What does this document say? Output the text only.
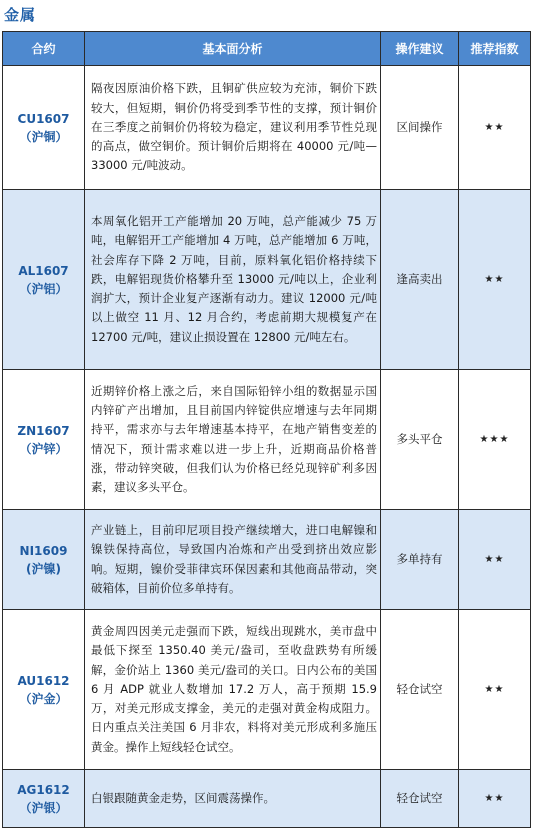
金属
合约	基本面分析	操作建议	推荐指数

CU1607
（沪铜）	隔夜因原油价格下跌，且铜矿供应较为充沛，铜价下跌较大，但短期，铜价仍将受到季节性的支撑，预计铜价在三季度之前铜价仍将较为稳定，建议利用季节性兑现的高点，做空铜价。预计铜价后期将在 40000 元/吨—33000 元/吨波动。	区间操作	★★

AL1607
（沪铝）	本周氧化铝开工产能增加 20 万吨，总产能减少 75 万吨，电解铝开工产能增加 4 万吨，总产能增加 6 万吨，社会库存下降 2 万吨，目前，原料氧化铝价格持续下跌，电解铝现货价格攀升至 13000 元/吨以上，企业利润扩大，预计企业复产逐渐有动力。建议 12000 元/吨以上做空 11 月、12 月合约，考虑前期大规模复产在 12700 元/吨，建议止损设置在 12800 元/吨左右。	逢高卖出	★★

ZN1607
（沪锌）	近期锌价格上涨之后，来自国际铅锌小组的数据显示国内锌矿产出增加，且目前国内锌锭供应增速与去年同期持平，需求亦与去年增速基本持平，在地产销售变差的情况下，预计需求难以进一步上升，近期商品价格普涨，带动锌突破，但我们认为价格已经兑现锌矿利多因素，建议多头平仓。	多头平仓	★★★

NI1609
(沪镍)	产业链上，目前印尼项目投产继续增大，进口电解镍和镍铁保持高位，导致国内冶炼和产出受到挤出效应影响。短期，镍价受菲律宾环保因素和其他商品带动，突破箱体，目前价位多单持有。	多单持有	★★

AU1612
（沪金）	黄金周四因美元走强而下跌，短线出现跳水，美市盘中最低下探至 1350.40 美元/盎司，至收盘跌势有所缓解，金价站上 1360 美元/盎司的关口。日内公布的美国 6 月 ADP 就业人数增加 17.2 万人，高于预期 15.9 万，对美元形成支撑金，美元的走强对黄金构成阻力。日内重点关注美国 6 月非农，料将对美元形成利多施压黄金。操作上短线轻仓试空。	轻仓试空	★★

AG1612
（沪银）	白银跟随黄金走势，区间震荡操作。	轻仓试空	★★
